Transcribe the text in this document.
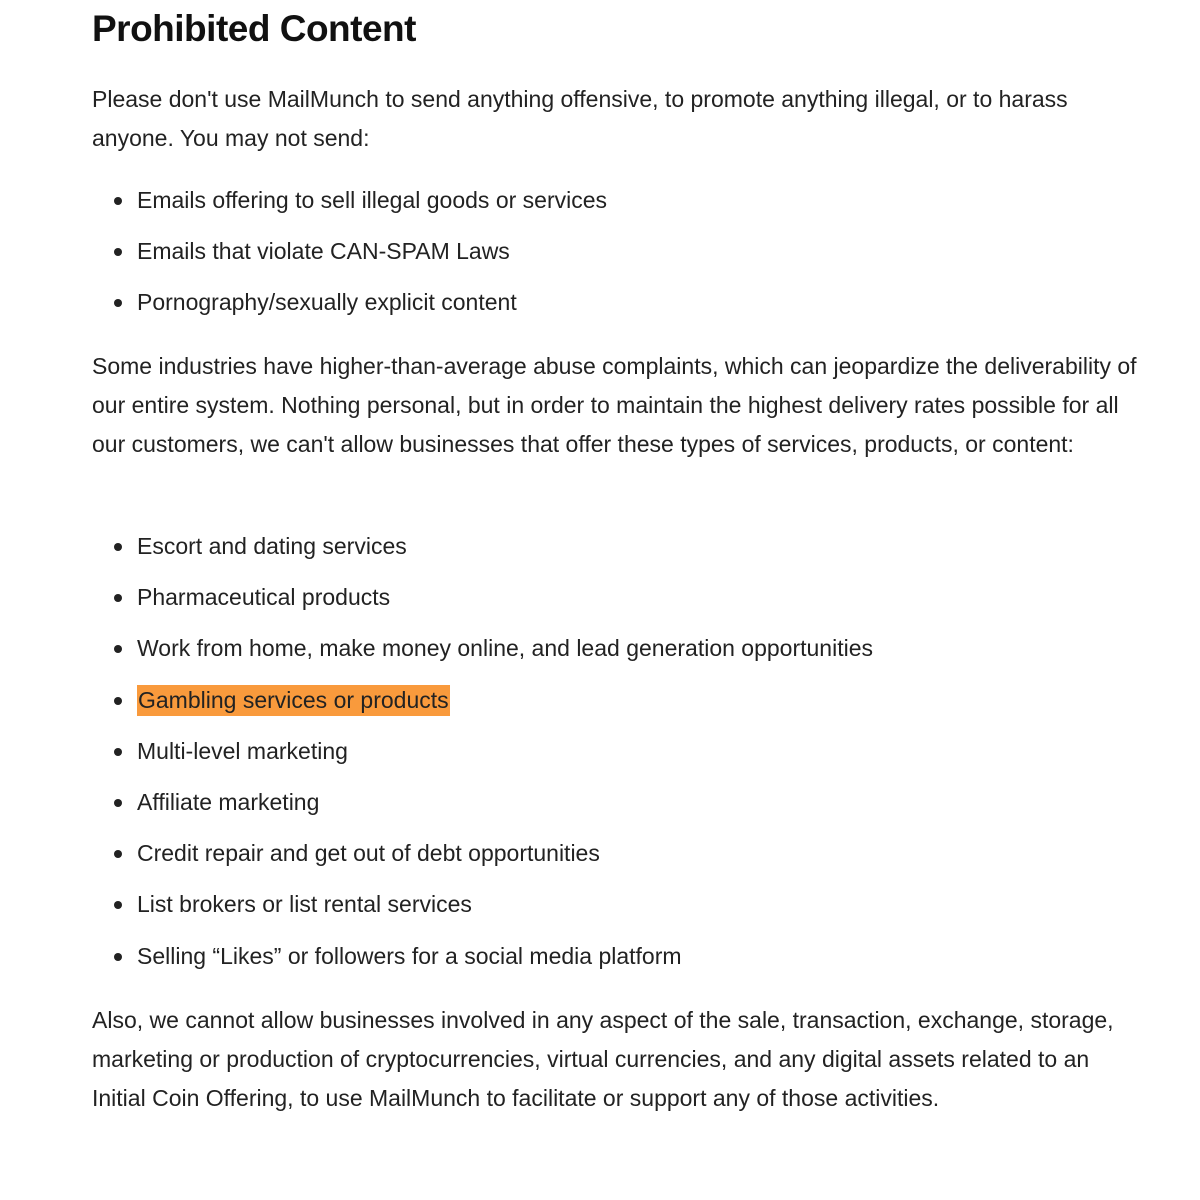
Prohibited Content

Please don't use MailMunch to send anything offensive, to promote anything illegal, or to harass anyone. You may not send:

Emails offering to sell illegal goods or services
Emails that violate CAN-SPAM Laws
Pornography/sexually explicit content

Some industries have higher-than-average abuse complaints, which can jeopardize the deliverability of our entire system. Nothing personal, but in order to maintain the highest delivery rates possible for all our customers, we can't allow businesses that offer these types of services, products, or content:

Escort and dating services
Pharmaceutical products
Work from home, make money online, and lead generation opportunities
Gambling services or products
Multi-level marketing
Affiliate marketing
Credit repair and get out of debt opportunities
List brokers or list rental services
Selling “Likes” or followers for a social media platform

Also, we cannot allow businesses involved in any aspect of the sale, transaction, exchange, storage, marketing or production of cryptocurrencies, virtual currencies, and any digital assets related to an Initial Coin Offering, to use MailMunch to facilitate or support any of those activities.
